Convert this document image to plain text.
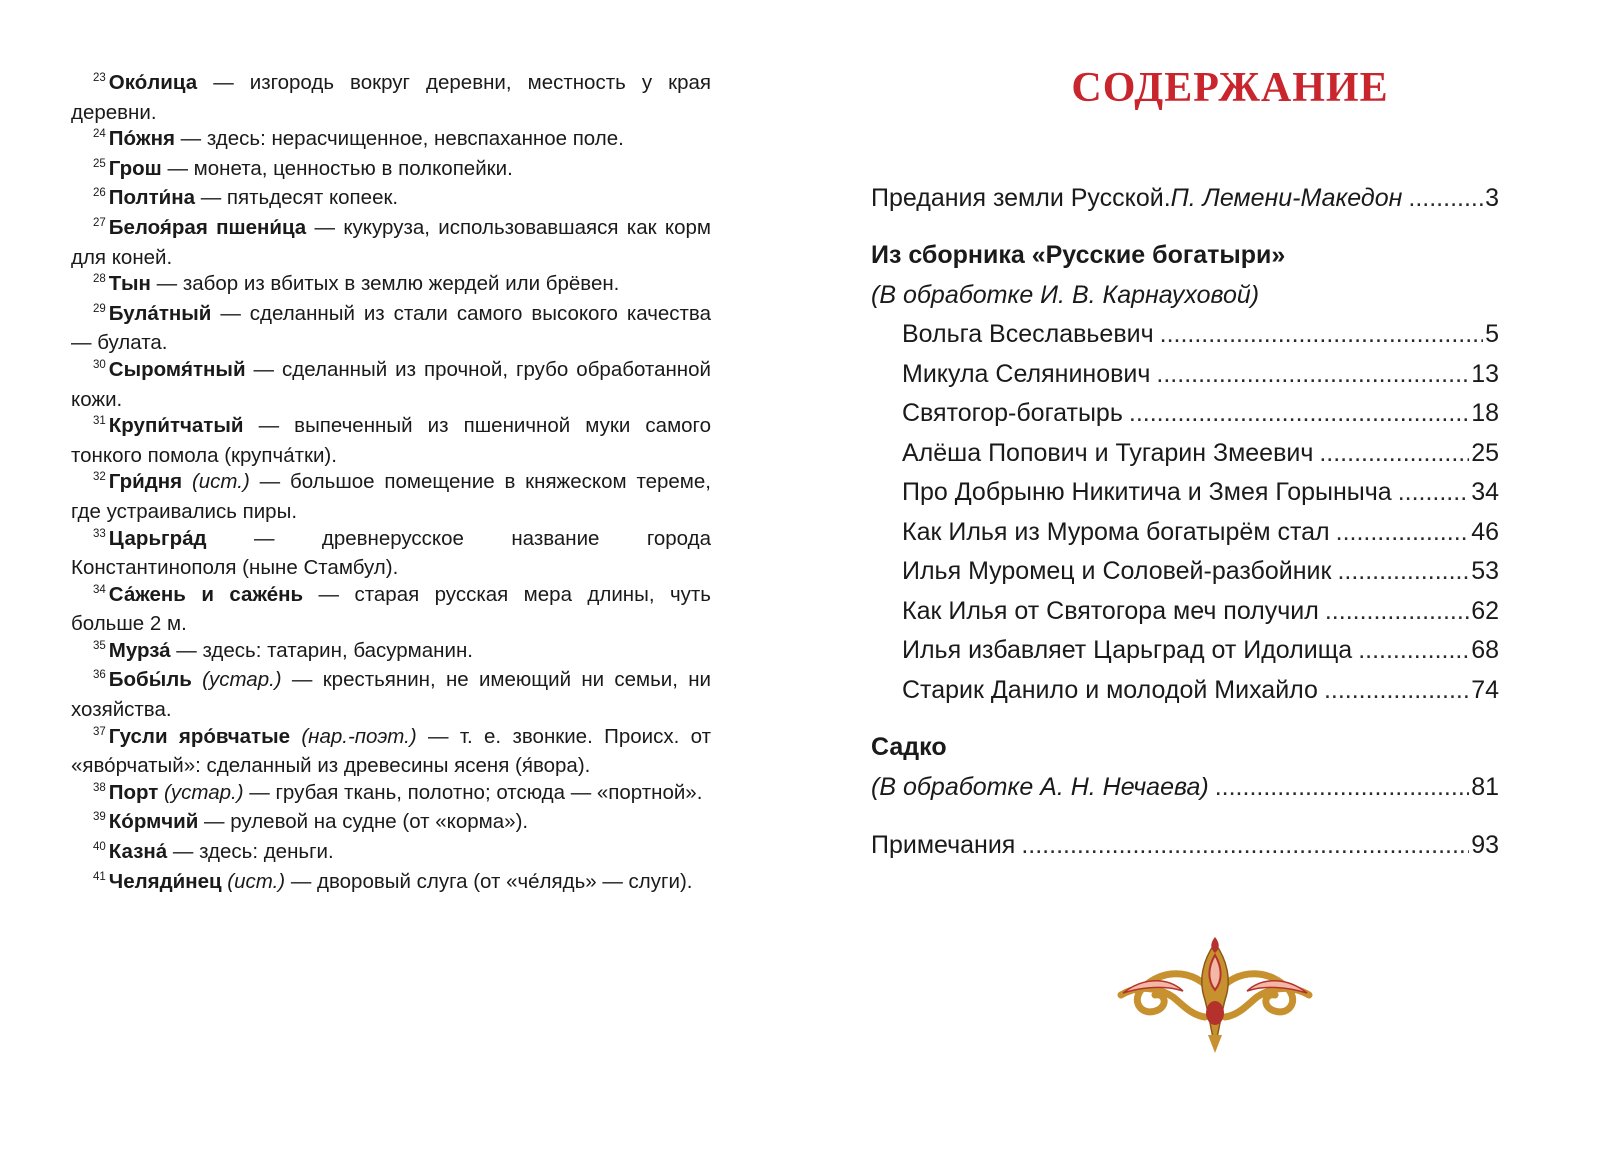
$^{23}$ Око́лица — изгородь вокруг деревни, местность у края деревни.
$^{24}$ По́жня — здесь: нерасчищенное, невспаханное поле.
$^{25}$ Грош — монета, ценностью в полкопейки.
$^{26}$ Полти́на — пятьдесят копеек.
$^{27}$ Белоя́рая пшени́ца — кукуруза, использовавшаяся как корм для коней.
$^{28}$ Тын — забор из вбитых в землю жердей или брёвен.
$^{29}$ Була́тный — сделанный из стали самого высокого качества — булата.
$^{30}$ Сыромя́тный — сделанный из прочной, грубо обработанной кожи.
$^{31}$ Крупи́тчатый — выпеченный из пшеничной муки самого тонкого помола (крупча́тки).
$^{32}$ Гри́дня (ист.) — большое помещение в княжеском тереме, где устраивались пиры.
$^{33}$ Царьгра́д — древнерусское название города Константинополя (ныне Стамбул).
$^{34}$ Са́жень и саже́нь — старая русская мера длины, чуть больше 2 м.
$^{35}$ Мурза́ — здесь: татарин, басурманин.
$^{36}$ Бобы́ль (устар.) — крестьянин, не имеющий ни семьи, ни хозяйства.
$^{37}$ Гусли яро́вчатые (нар.-поэт.) — т. е. звонкие. Происх. от «яво́рчатый»: сделанный из древесины ясеня (я́вора).
$^{38}$ Порт (устар.) — грубая ткань, полотно; отсюда — «портной».
$^{39}$ Ко́рмчий — рулевой на судне (от «корма»).
$^{40}$ Казна́ — здесь: деньги.
$^{41}$ Челяди́нец (ист.) — дворовый слуга (от «че́лядь» — слуги).
СОДЕРЖАНИЕ
Предания земли Русской. П. Лемени-Македон .....	3
Из сборника «Русские богатыри»
(В обработке И. В. Карнауховой)
Вольга Всеславьевич .....	5
Микула Селянинович .....	13
Святогор-богатырь .....	18
Алёша Попович и Тугарин Змеевич .....	25
Про Добрыню Никитича и Змея Горыныча .....	34
Как Илья из Мурома богатырём стал .....	46
Илья Муромец и Соловей-разбойник .....	53
Как Илья от Святогора меч получил .....	62
Илья избавляет Царьград от Идолища .....	68
Старик Данило и молодой Михайло .....	74
Садко
(В обработке А. Н. Нечаева) .....	81
Примечания .....	93
